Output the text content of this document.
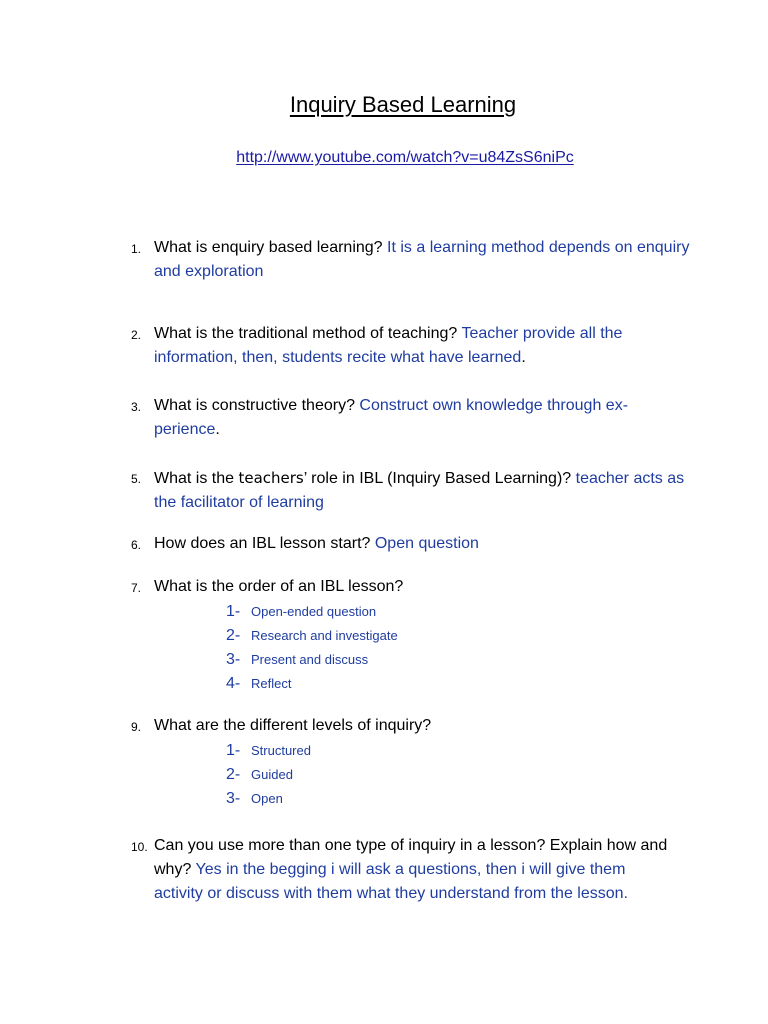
Inquiry Based Learning
http://www.youtube.com/watch?v=u84ZsS6niPc
1. What is enquiry based learning? It is a learning method depends on enquiry and exploration
2. What is the traditional method of teaching? Teacher provide all the information, then, students recite what have learned.
3. What is constructive theory? Construct own knowledge through ex-perience.
5. What is the teachers’ role in IBL (Inquiry Based Learning)? teacher acts as the facilitator of learning
6. How does an IBL lesson start? Open question
7. What is the order of an IBL lesson?
1- Open-ended question
2- Research and investigate
3- Present and discuss
4- Reflect
9. What are the different levels of inquiry?
1- Structured
2- Guided
3- Open
10. Can you use more than one type of inquiry in a lesson? Explain how and why? Yes in the begging i will ask a questions, then i will give them activity or discuss with them what they understand from the lesson.
